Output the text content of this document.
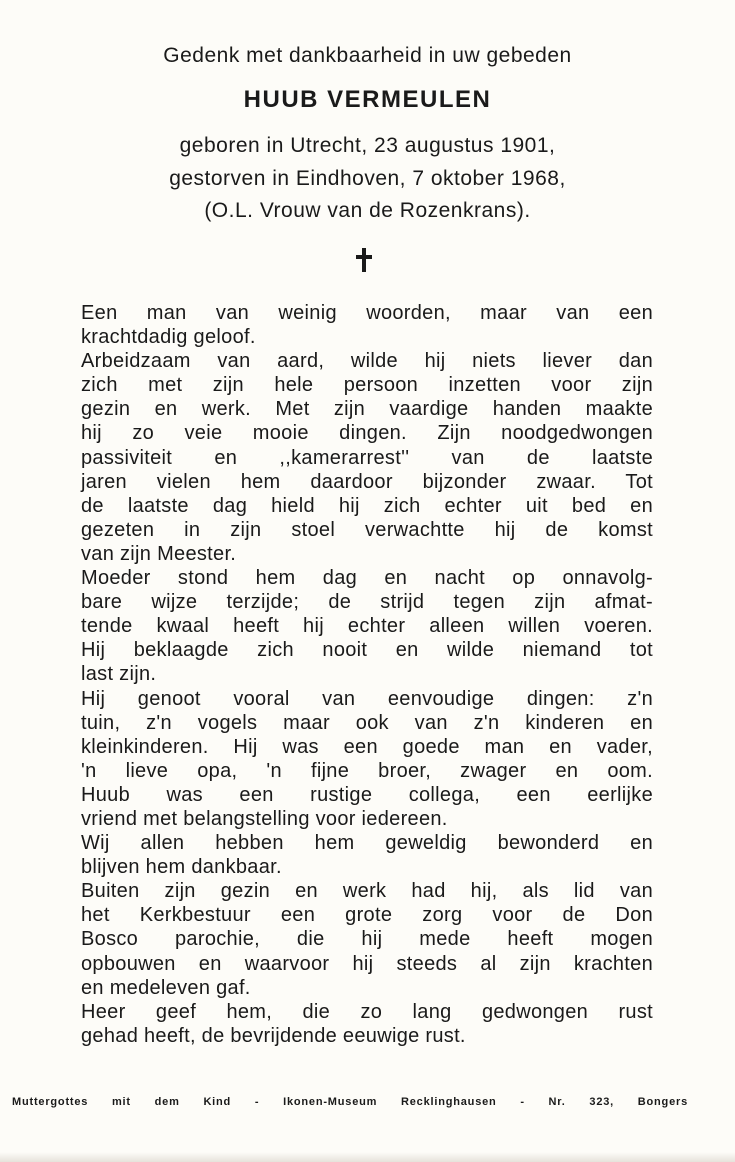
Gedenk met dankbaarheid in uw gebeden
HUUB VERMEULEN
geboren in Utrecht, 23 augustus 1901,
gestorven in Eindhoven, 7 oktober 1968,
(O.L. Vrouw van de Rozenkrans).
Een man van weinig woorden, maar van een
krachtdadig geloof.
Arbeidzaam van aard, wilde hij niets liever dan
zich met zijn hele persoon inzetten voor zijn
gezin en werk. Met zijn vaardige handen maakte
hij zo veie mooie dingen. Zijn noodgedwongen
passiviteit en ,,kamerarrest'' van de laatste
jaren vielen hem daardoor bijzonder zwaar. Tot
de laatste dag hield hij zich echter uit bed en
gezeten in zijn stoel verwachtte hij de komst
van zijn Meester.
Moeder stond hem dag en nacht op onnavolg-
bare wijze terzijde; de strijd tegen zijn afmat-
tende kwaal heeft hij echter alleen willen voeren.
Hij beklaagde zich nooit en wilde niemand tot
last zijn.
Hij genoot vooral van eenvoudige dingen: z'n
tuin, z'n vogels maar ook van z'n kinderen en
kleinkinderen. Hij was een goede man en vader,
'n lieve opa, 'n fijne broer, zwager en oom.
Huub was een rustige collega, een eerlijke
vriend met belangstelling voor iedereen.
Wij allen hebben hem geweldig bewonderd en
blijven hem dankbaar.
Buiten zijn gezin en werk had hij, als lid van
het Kerkbestuur een grote zorg voor de Don
Bosco parochie, die hij mede heeft mogen
opbouwen en waarvoor hij steeds al zijn krachten
en medeleven gaf.
Heer geef hem, die zo lang gedwongen rust
gehad heeft, de bevrijdende eeuwige rust.
Muttergottes mit dem Kind - Ikonen-Museum Recklinghausen - Nr. 323, Bongers
